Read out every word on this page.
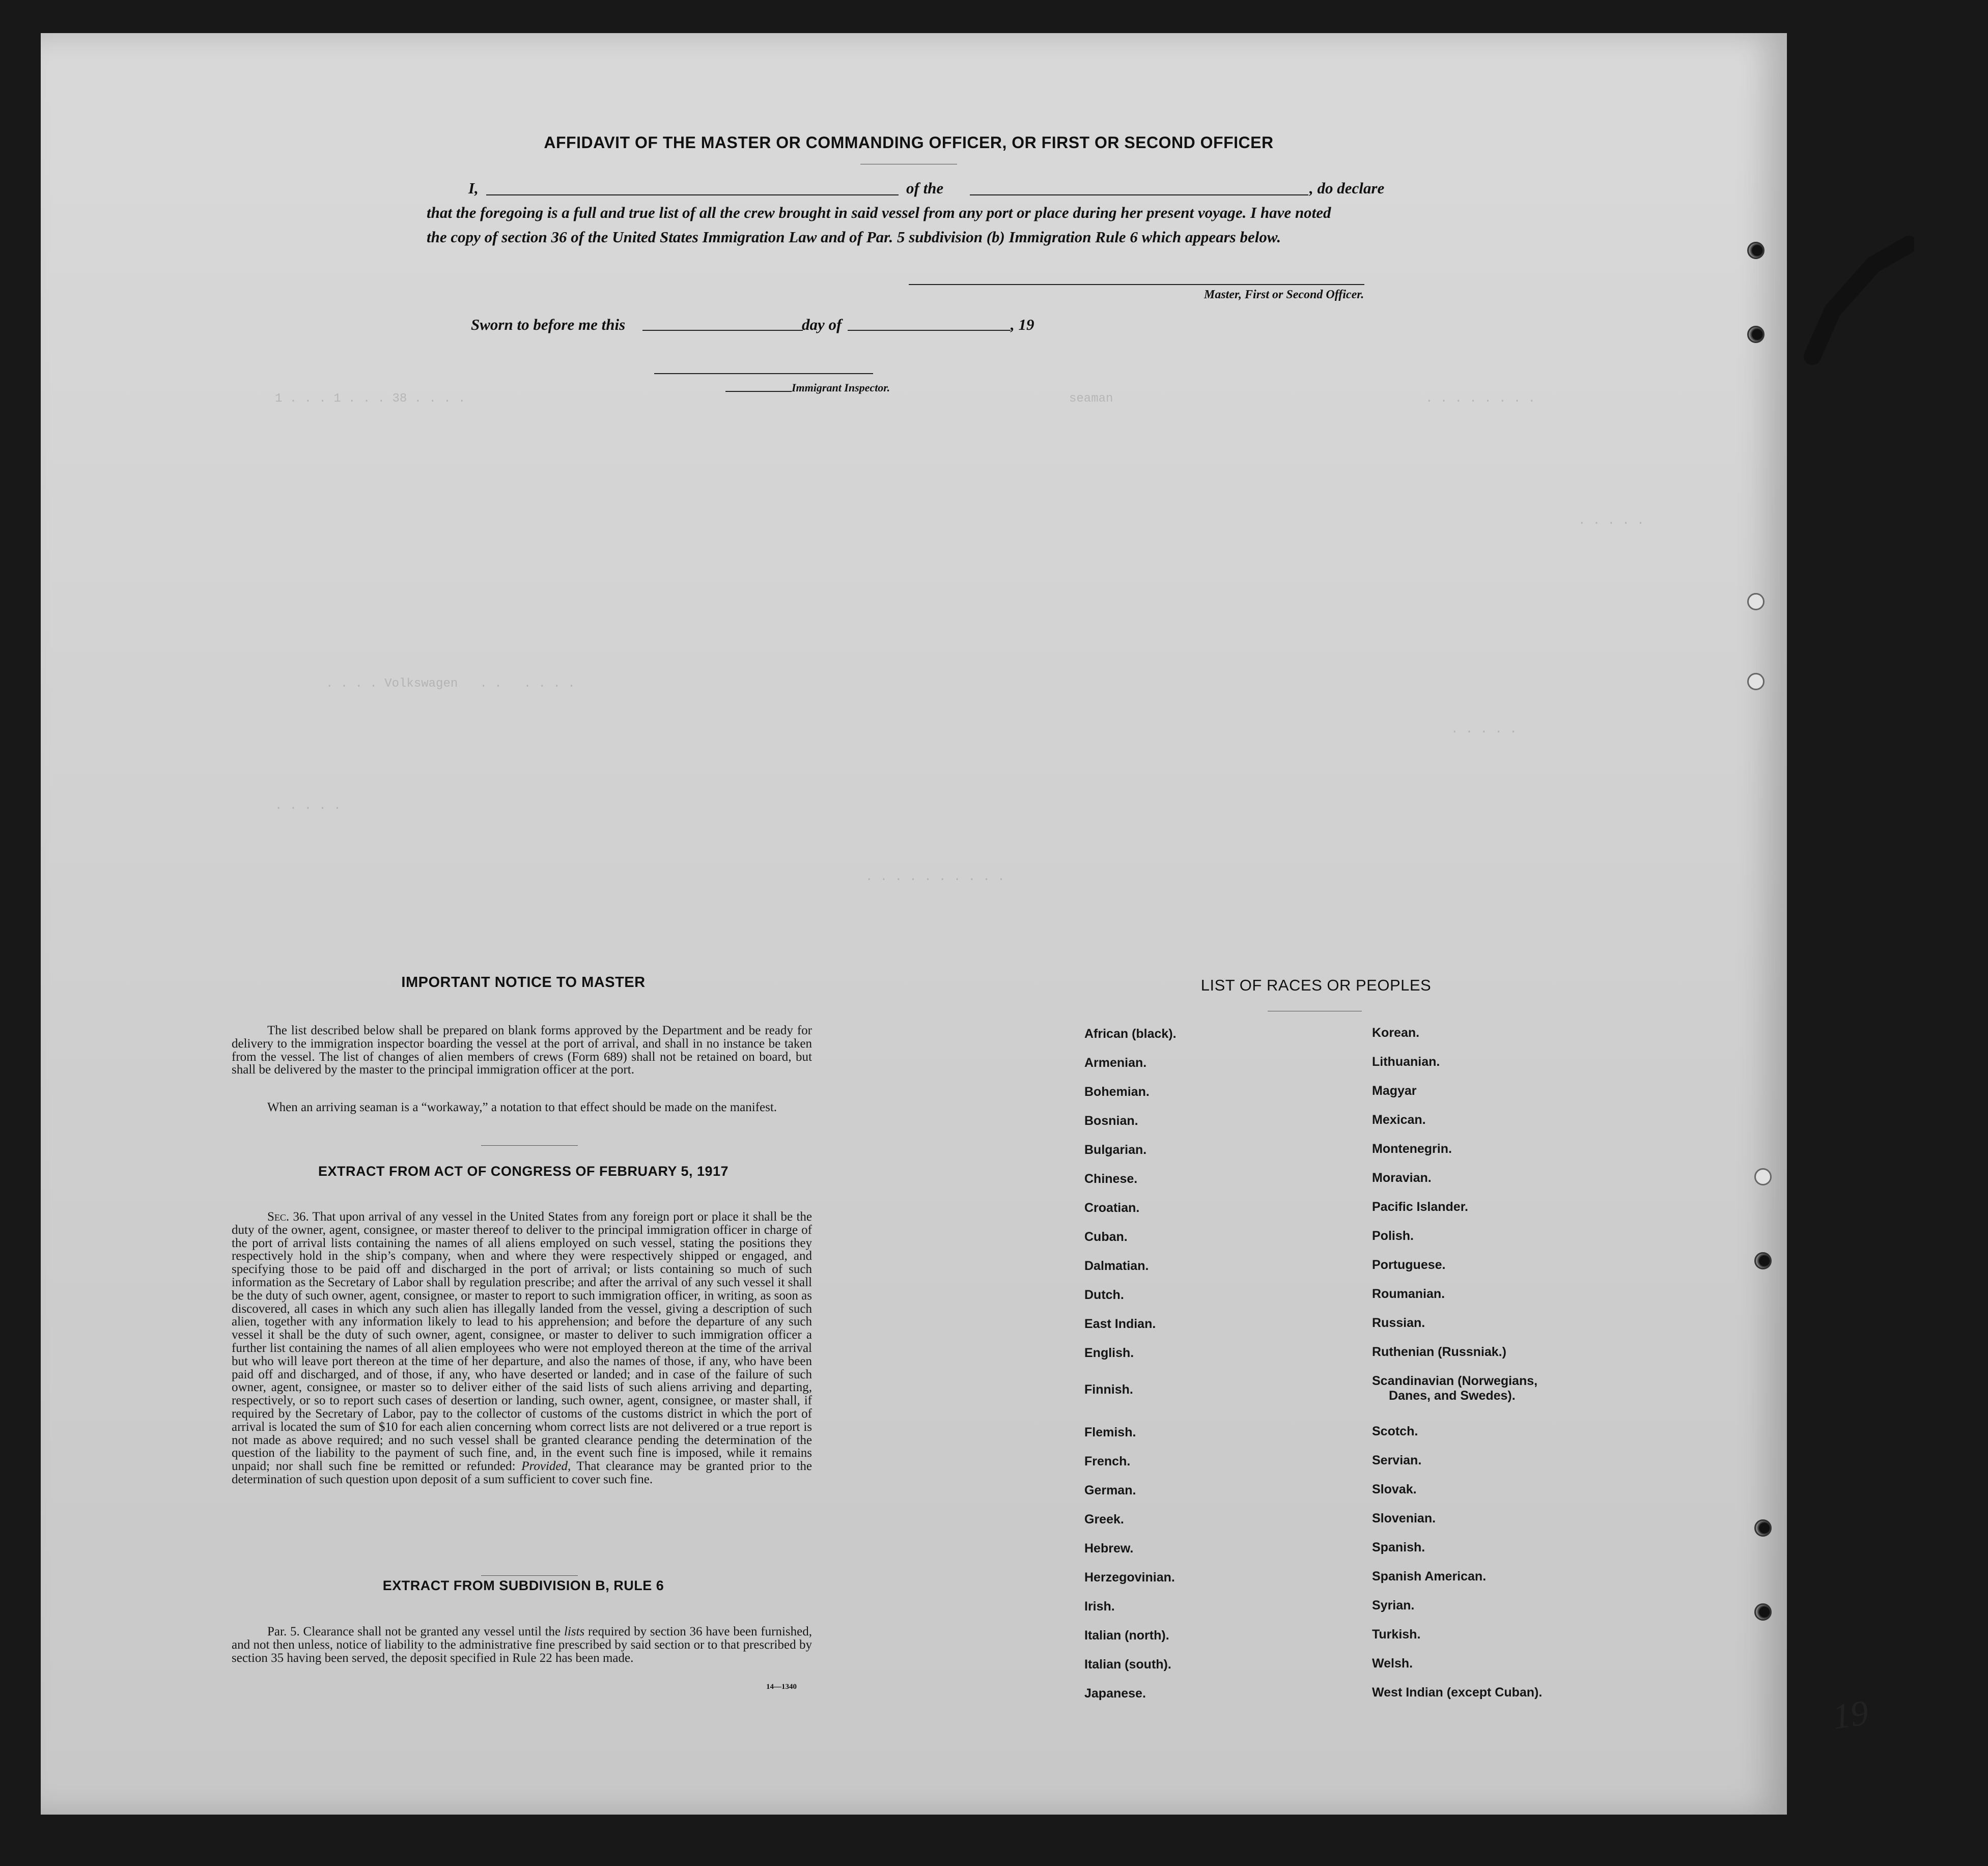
1 . . . 1 . . . 38 . . . .	seaman	. . . . . . . .
. . . . .
. . . . Volkswagen   . .   . . . .
. . . . .
. . . . .
. . . . . . . . . .
19
AFFIDAVIT OF THE MASTER OR COMMANDING OFFICER, OR FIRST OR SECOND OFFICER
I,	of the	, do declare
that the foregoing is a full and true list of all the crew brought in said vessel from any port or place during her present voyage. I have noted
the copy of section 36 of the United States Immigration Law and of Par. 5 subdivision (b) Immigration Rule 6 which appears below.
Master, First or Second Officer.
Sworn to before me this	day of	, 19
Immigrant Inspector.
IMPORTANT NOTICE TO MASTER
The list described below shall be prepared on blank forms approved by the Department and be ready for delivery to the immigration inspector boarding the vessel at the port of arrival, and shall in no instance be taken from the vessel. The list of changes of alien members of crews (Form 689) shall not be retained on board, but shall be delivered by the master to the principal immigration officer at the port.
When an arriving seaman is a “workaway,” a notation to that effect should be made on the manifest.
EXTRACT FROM ACT OF CONGRESS OF FEBRUARY 5, 1917
Sec. 36. That upon arrival of any vessel in the United States from any foreign port or place it shall be the duty of the owner, agent, consignee, or master thereof to deliver to the principal immigration officer in charge of the port of arrival lists containing the names of all aliens employed on such vessel, stating the positions they respectively hold in the ship’s company, when and where they were respectively shipped or engaged, and specifying those to be paid off and discharged in the port of arrival; or lists containing so much of such information as the Secretary of Labor shall by regulation prescribe; and after the arrival of any such vessel it shall be the duty of such owner, agent, consignee, or master to report to such immigration officer, in writing, as soon as discovered, all cases in which any such alien has illegally landed from the vessel, giving a description of such alien, together with any information likely to lead to his apprehension; and before the departure of any such vessel it shall be the duty of such owner, agent, consignee, or master to deliver to such immigration officer a further list containing the names of all alien employees who were not employed thereon at the time of the arrival but who will leave port thereon at the time of her departure, and also the names of those, if any, who have been paid off and discharged, and of those, if any, who have deserted or landed; and in case of the failure of such owner, agent, consignee, or master so to deliver either of the said lists of such aliens arriving and departing, respectively, or so to report such cases of desertion or landing, such owner, agent, consignee, or master shall, if required by the Secretary of Labor, pay to the collector of customs of the customs district in which the port of arrival is located the sum of $10 for each alien concerning whom correct lists are not delivered or a true report is not made as above required; and no such vessel shall be granted clearance pending the determination of the question of the liability to the payment of such fine, and, in the event such fine is imposed, while it remains unpaid; nor shall such fine be remitted or refunded: Provided, That clearance may be granted prior to the determination of such question upon deposit of a sum sufficient to cover such fine.
EXTRACT FROM SUBDIVISION B, RULE 6
Par. 5. Clearance shall not be granted any vessel until the lists required by section 36 have been furnished, and not then unless, notice of liability to the administrative fine prescribed by said section or to that prescribed by section 35 having been served, the deposit specified in Rule 22 has been made.
14—1340
LIST OF RACES OR PEOPLES
African (black).
Armenian.
Bohemian.
Bosnian.
Bulgarian.
Chinese.
Croatian.
Cuban.
Dalmatian.
Dutch.
East Indian.
English.
Finnish.
Flemish.
French.
German.
Greek.
Hebrew.
Herzegovinian.
Irish.
Italian (north).
Italian (south).
Japanese.
Korean.
Lithuanian.
Magyar
Mexican.
Montenegrin.
Moravian.
Pacific Islander.
Polish.
Portuguese.
Roumanian.
Russian.
Ruthenian (Russniak.)
Scandinavian (Norwegians,
Danes, and Swedes).
Scotch.
Servian.
Slovak.
Slovenian.
Spanish.
Spanish American.
Syrian.
Turkish.
Welsh.
West Indian (except Cuban).
